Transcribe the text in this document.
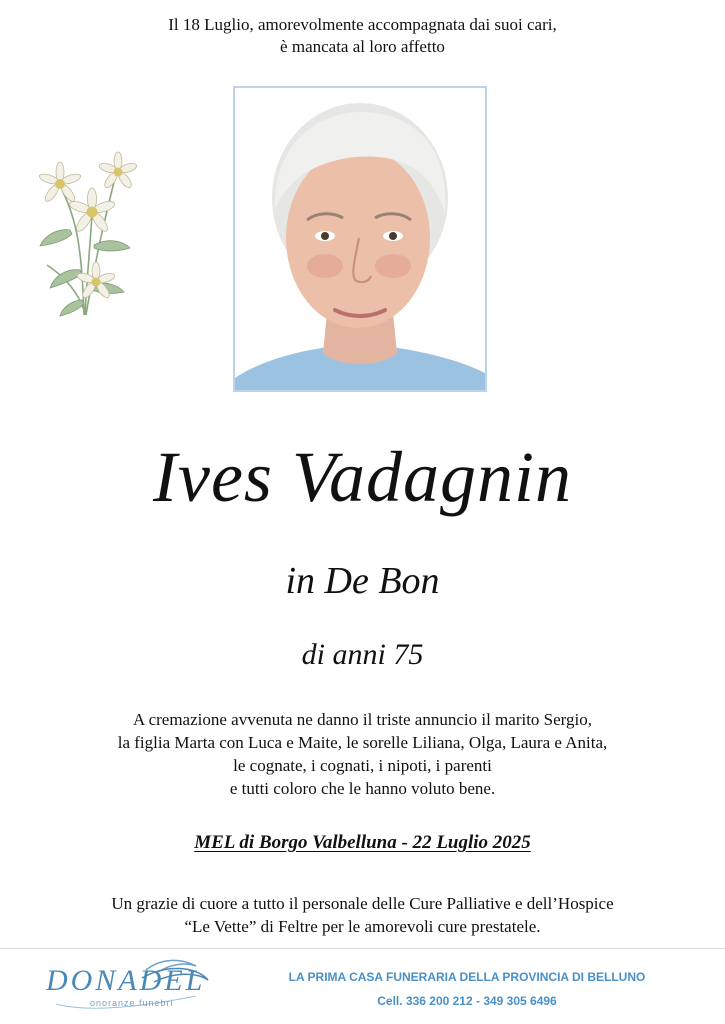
Il 18 Luglio, amorevolmente accompagnata dai suoi cari,
è mancata al loro affetto
Ives Vadagnin
in De Bon
di anni 75
A cremazione avvenuta ne danno il triste annuncio il marito Sergio,
la figlia Marta con Luca e Maite, le sorelle Liliana, Olga, Laura e Anita,
le cognate, i cognati, i nipoti, i parenti
e tutti coloro che le hanno voluto bene.
MEL di Borgo Valbelluna - 22 Luglio 2025
Un grazie di cuore a tutto il personale delle Cure Palliative e dell’Hospice
“Le Vette” di Feltre per le amorevoli cure prestatele.
DONADEL
onoranze funebri
LA PRIMA CASA FUNERARIA DELLA PROVINCIA DI BELLUNO
Cell. 336 200 212 - 349 305 6496
